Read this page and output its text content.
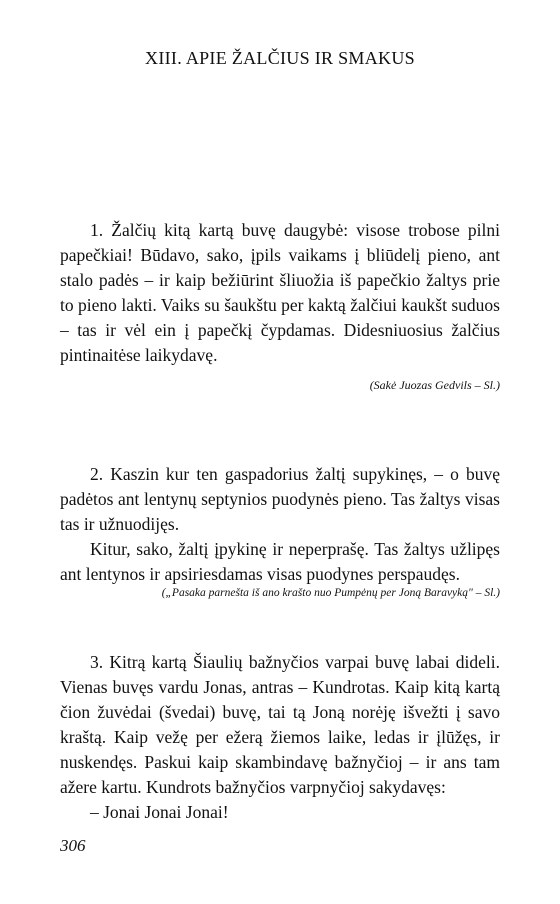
XIII. APIE ŽALČIUS IR SMAKUS

1. Žalčių kitą kartą buvę daugybė: visose trobose pilni papečkiai! Būdavo, sako, įpils vaikams į bliūdelį pieno, ant stalo padės – ir kaip bežiūrint šliuožia iš papečkio žaltys prie to pieno lakti. Vaiks su šaukštu per kaktą žalčiui kaukšt suduos – tas ir vėl ein į papečkį čypdamas. Didesniuosius žalčius pintinaitėse laikydavę.

(Sakė Juozas Gedvils – Sl.)

2. Kaszin kur ten gaspadorius žaltį supykinęs, – o buvę padėtos ant lentynų septynios puodynės pieno. Tas žaltys visas tas ir užnuodijęs.

Kitur, sako, žaltį įpykinę ir neperprašę. Tas žaltys užlipęs ant lentynos ir apsiriesdamas visas puodynes perspaudęs.

(„Pasaka parnešta iš ano krašto nuo Pumpėnų per Joną Baravyką" – Sl.)

3. Kitrą kartą Šiaulių bažnyčios varpai buvę labai dideli. Vienas buvęs vardu Jonas, antras – Kundrotas. Kaip kitą kartą čion žuvėdai (švedai) buvę, tai tą Joną norėję išvežti į savo kraštą. Kaip vežę per ežerą žiemos laike, ledas ir įlūžęs, ir nuskendęs. Paskui kaip skambindavę bažnyčioj – ir ans tam ažere kartu. Kundrots bažnyčios varpnyčioj sakydavęs:

– Jonai Jonai Jonai!

306
